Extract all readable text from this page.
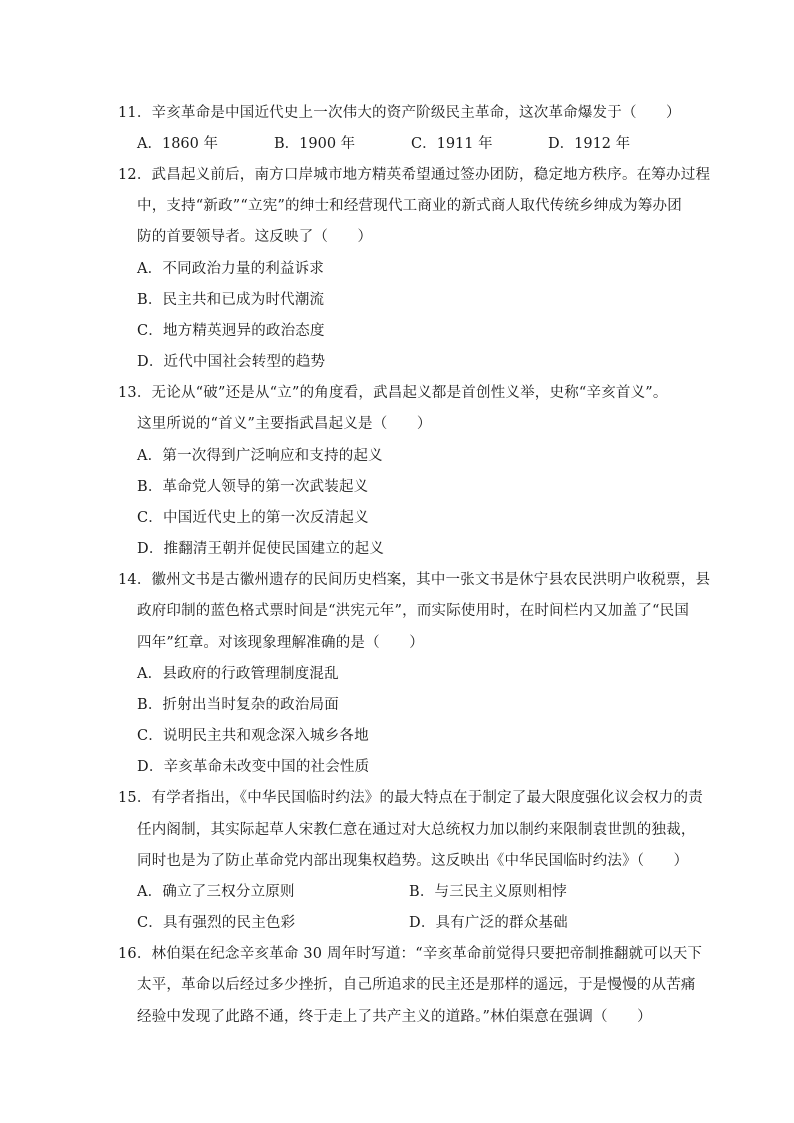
11．辛亥革命是中国近代史上一次伟大的资产阶级民主革命，这次革命爆发于（　　）
A．1860 年	B．1900 年	C．1911 年	D．1912 年
12．武昌起义前后，南方口岸城市地方精英希望通过签办团防，稳定地方秩序。在筹办过程
中，支持“新政”“立宪”的绅士和经营现代工商业的新式商人取代传统乡绅成为筹办团
防的首要领导者。这反映了（　　）
A．不同政治力量的利益诉求
B．民主共和已成为时代潮流
C．地方精英迥异的政治态度
D．近代中国社会转型的趋势
13．无论从“破”还是从“立”的角度看，武昌起义都是首创性义举，史称“辛亥首义”。
这里所说的“首义”主要指武昌起义是（　　）
A．第一次得到广泛响应和支持的起义
B．革命党人领导的第一次武装起义
C．中国近代史上的第一次反清起义
D．推翻清王朝并促使民国建立的起义
14．徽州文书是古徽州遗存的民间历史档案，其中一张文书是休宁县农民洪明户收税票，县
政府印制的蓝色格式票时间是“洪宪元年”，而实际使用时，在时间栏内又加盖了“民国
四年”红章。对该现象理解准确的是（　　）
A．县政府的行政管理制度混乱
B．折射出当时复杂的政治局面
C．说明民主共和观念深入城乡各地
D．辛亥革命未改变中国的社会性质
15．有学者指出，《中华民国临时约法》的最大特点在于制定了最大限度强化议会权力的责
任内阁制，其实际起草人宋教仁意在通过对大总统权力加以制约来限制袁世凯的独裁，
同时也是为了防止革命党内部出现集权趋势。这反映出《中华民国临时约法》（　　）
A．确立了三权分立原则	B．与三民主义原则相悖
C．具有强烈的民主色彩	D．具有广泛的群众基础
16．林伯渠在纪念辛亥革命 30 周年时写道：“辛亥革命前觉得只要把帝制推翻就可以天下
太平，革命以后经过多少挫折，自己所追求的民主还是那样的遥远，于是慢慢的从苦痛
经验中发现了此路不通，终于走上了共产主义的道路。”林伯渠意在强调（　　）
